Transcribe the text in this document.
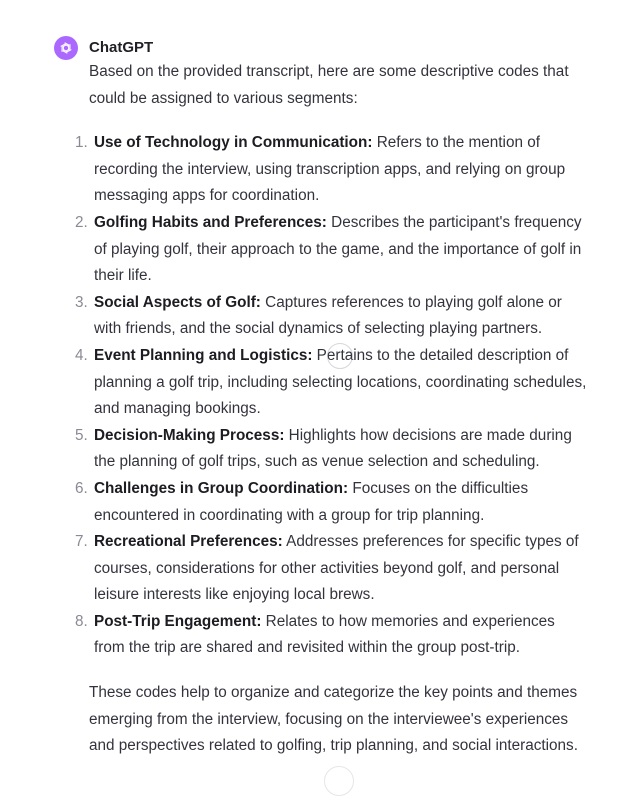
ChatGPT

Based on the provided transcript, here are some descriptive codes that could be assigned to various segments:

1. Use of Technology in Communication: Refers to the mention of recording the interview, using transcription apps, and relying on group messaging apps for coordination.
2. Golfing Habits and Preferences: Describes the participant's frequency of playing golf, their approach to the game, and the importance of golf in their life.
3. Social Aspects of Golf: Captures references to playing golf alone or with friends, and the social dynamics of selecting playing partners.
4. Event Planning and Logistics: Pertains to the detailed description of planning a golf trip, including selecting locations, coordinating schedules, and managing bookings.
5. Decision-Making Process: Highlights how decisions are made during the planning of golf trips, such as venue selection and scheduling.
6. Challenges in Group Coordination: Focuses on the difficulties encountered in coordinating with a group for trip planning.
7. Recreational Preferences: Addresses preferences for specific types of courses, considerations for other activities beyond golf, and personal leisure interests like enjoying local brews.
8. Post-Trip Engagement: Relates to how memories and experiences from the trip are shared and revisited within the group post-trip.

These codes help to organize and categorize the key points and themes emerging from the interview, focusing on the interviewee's experiences and perspectives related to golfing, trip planning, and social interactions.
